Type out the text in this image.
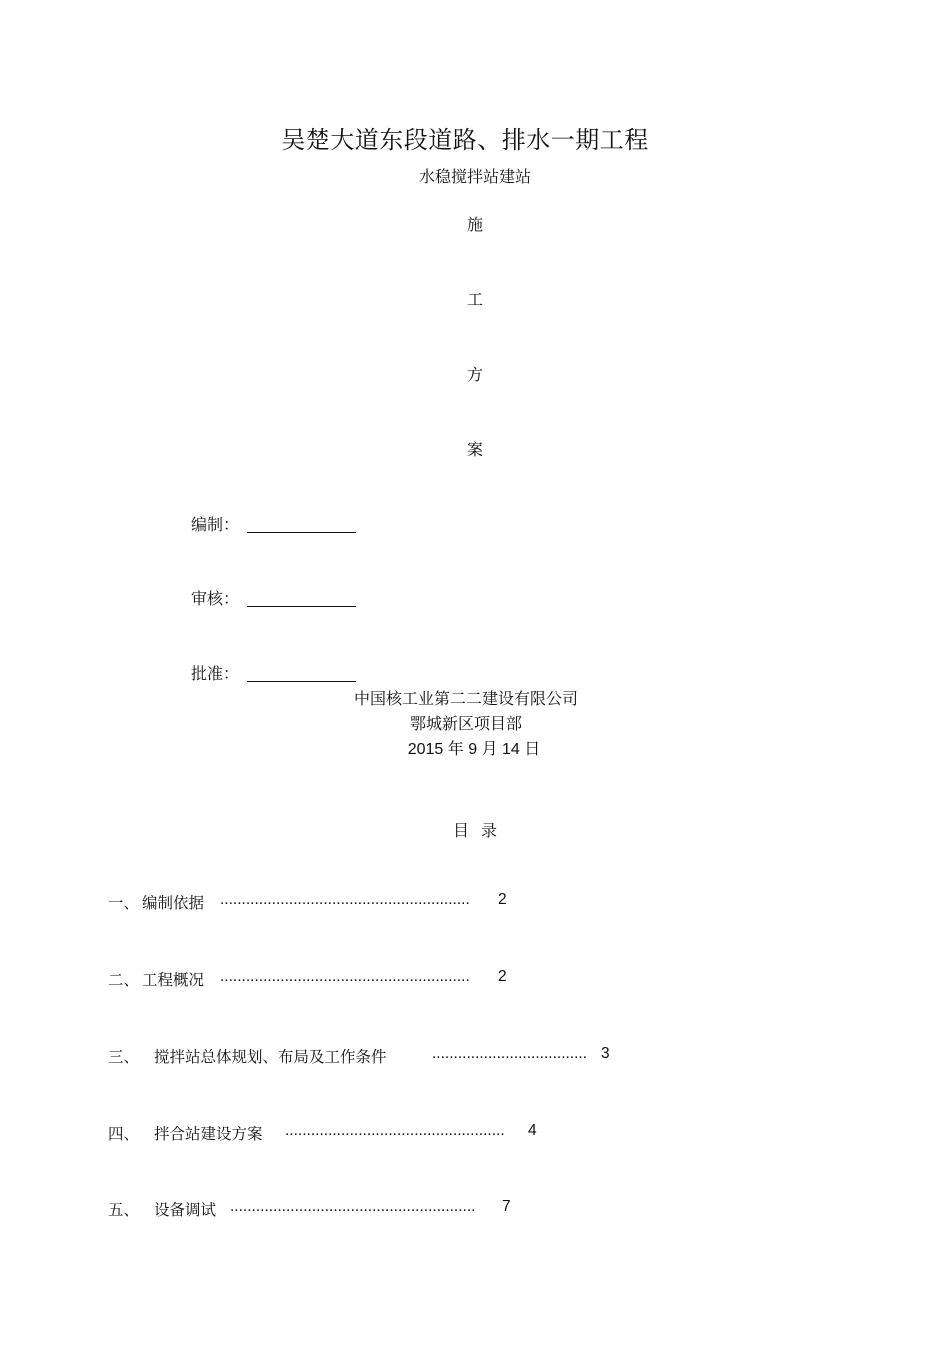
吴楚大道东段道路、排水一期工程
水稳搅拌站建站
施
工
方
案
编制：
审核：
批准：
中国核工业第二二建设有限公司
鄂城新区项目部
2015 年 9 月 14 日
目 录
一、 编制依据 ..........................................................	2
二、 工程概况 ..........................................................	2
三、 搅拌站总体规划、布局及工作条件	.................................... 3
四、 拌合站建设方案 ...................................................	4
五、 设备调试 .........................................................	7
